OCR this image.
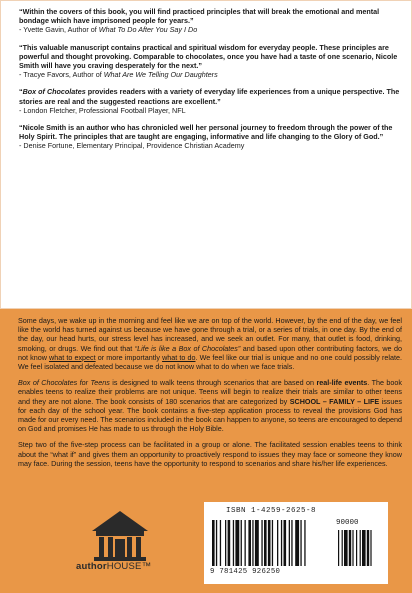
“Within the covers of this book, you will find practiced principles that will break the emotional and mental bondage which have imprisoned people for years.”
- Yvette Gavin, Author of What To Do After You Say I Do
“This valuable manuscript contains practical and spiritual wisdom for everyday people. These principles are powerful and thought provoking. Comparable to chocolates, once you have had a taste of one scenario, Nicole Smith will have you craving desperately for the next.”
- Tracye Favors, Author of What Are We Telling Our Daughters
“Box of Chocolates provides readers with a variety of everyday life experiences from a unique perspective. The stories are real and the suggested reactions are excellent.”
- London Fletcher, Professional Football Player, NFL
“Nicole Smith is an author who has chronicled well her personal journey to freedom through the power of the Holy Spirit. The principles that are taught are engaging, informative and life changing to the Glory of God.”
- Denise Fortune, Elementary Principal, Providence Christian Academy

Some days, we wake up in the morning and feel like we are on top of the world. However, by the end of the day, we feel like the world has turned against us because we have gone through a trial, or a series of trials, in one day. By the end of the day, our head hurts, our stress level has increased, and we seek an outlet. For many, that outlet is food, drinking, smoking, or drugs. We find out that “Life is like a Box of Chocolates” and based upon other contributing factors, we do not know what to expect or more importantly what to do. We feel like our trial is unique and no one could possibly relate. We feel isolated and defeated because we do not know what to do when we face trials.

Box of Chocolates for Teens is designed to walk teens through scenarios that are based on real-life events. The book enables teens to realize their problems are not unique. Teens will begin to realize their trials are similar to other teens and they are not alone. The book consists of 180 scenarios that are categorized by SCHOOL – FAMILY – LIFE issues for each day of the school year. The book contains a five-step application process to reveal the provisions God has made for our every need. The scenarios included in the book can happen to anyone, so teens are encouraged to depend on God and promises He has made to us through the Holy Bible.

Step two of the five-step process can be facilitated in a group or alone. The facilitated session enables teens to think about the “what if” and gives them an opportunity to proactively respond to issues they may face or someone they know may face. During the session, teens have the opportunity to respond to scenarios and share his/her life experiences.

authorHOUSE™
ISBN 1-4259-2625-8
90000
9 781425 926250
